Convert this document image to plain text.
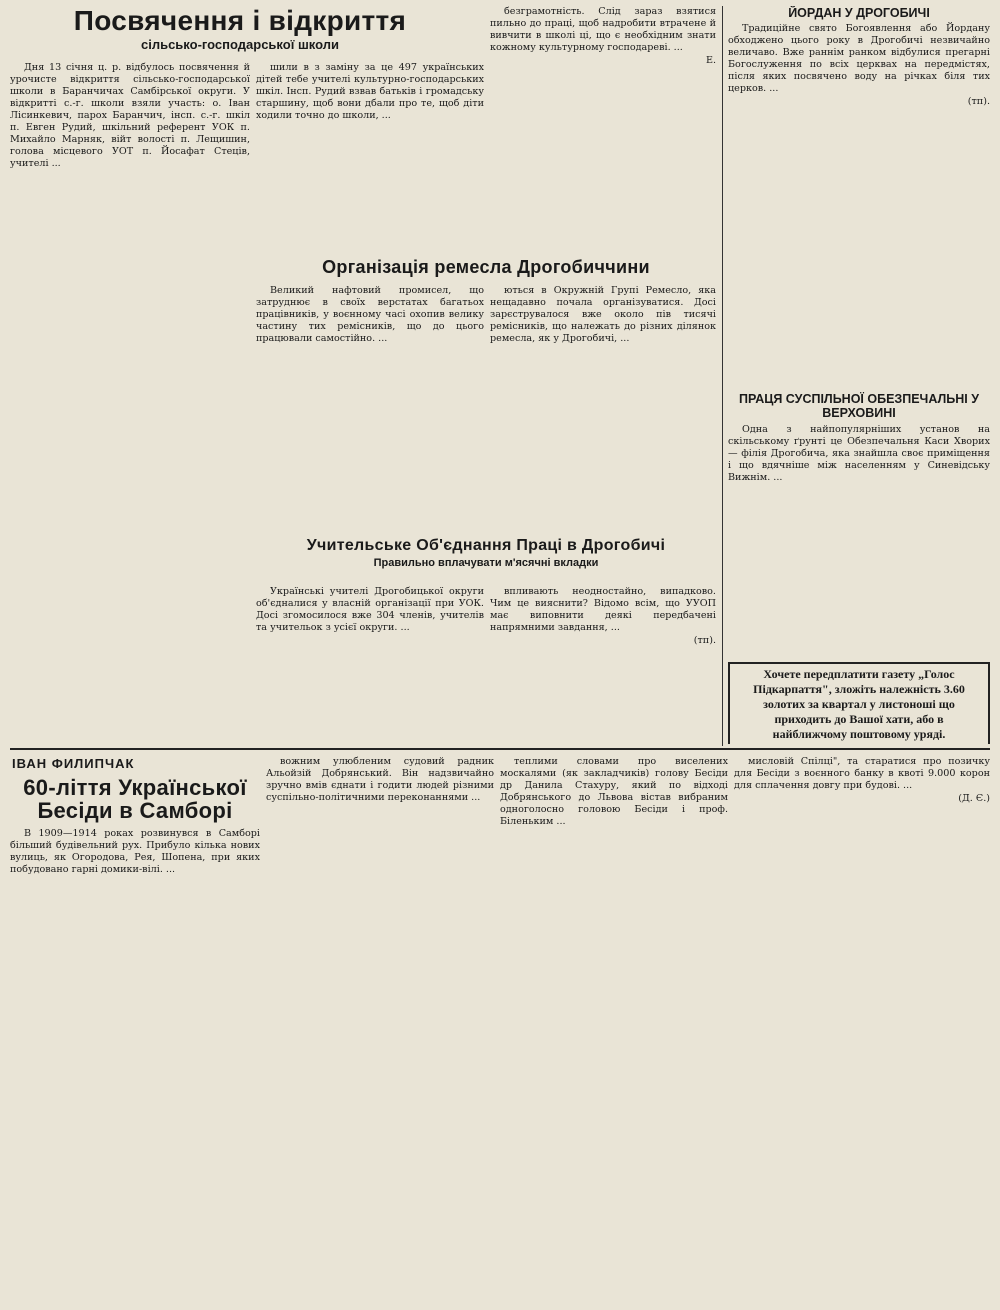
Посвячення і відкриття
сільсько-господарської школи

Дня 13 січня ц. р. відбулось посвячення й урочисте відкриття сільсько-господарської школи в Баранчичах Самбірської округи. У відкритті с.-г. школи взяли участь: о. Іван Лісинкевич, парох Баранчич, інсп. с.-г. шкіл п. Евген Рудий, шкільний референт УОК п. Михайло Марняк, війт волості п. Лещишин, голова місцевого УОТ п. Йосафат Стеців, учителі ...

шили в з заміну за це 497 українських дітей тебе учителі культурно-господарських шкіл. Інсп. Рудий взвав батьків і громадську старшину, щоб вони дбали про те, щоб діти ходили точно до школи, ...

безграмотність. Слід зараз взятися пильно до праці, щоб надробити втрачене й вивчити в школі ці, що є необхідним знати кожному культурному господареві. ...

Е.
Організація ремесла Дрогобиччини

Великий нафтовий промисел, що затруднює в своїх верстатах багатьох працівників, у воєнному часі охопив велику частину тих ремісників, що до цього працювали самостійно. ...

ються в Окружній Групі Ремесло, яка нещадавно почала організуватися. Досі зарєструвалося вже около пів тисячі ремісників, що належать до різних ділянок ремесла, як у Дрогобичі, ...

Учительське Об'єднання Праці в Дрогобичі
Правильно вплачувати м'ясячні вкладки

Українські учителі Дрогобицької округи об'єдналися у власній організації при УОК. Досі згомосилося вже 304 членів, учителів та учительок з усієї округи. ...

впливають неодностайно, випадково. Чим це вияснити? Відомо всім, що УУОП має виповнити деякі передбачені напрямними завдання, ...

(тп).
ЙОРДАН У ДРОГОБИЧІ

Традиційне свято Богоявлення або Йордану обходжено цього року в Дрогобичі незвичайно величаво. Вже раннім ранком відбулися прегарні Богослуження по всіх церквах на передмістях, після яких посвячено воду на річках біля тих церков. ...

(тп).
ПРАЦЯ СУСПІЛЬНОЇ ОБЕЗПЕЧАЛЬНІ У ВЕРХОВИНІ

Одна з найпопулярніших установ на скільському ґрунті це Обезпечальня Каси Хворих — філія Дрогобича, яка знайшла своє приміщення і що вдячніше між населенням у Синевідську Вижнім. ...

Хочете передплатити газету „Голос Підкарпаття", зложіть належність 3.60 золотих за квартал у листоноші що приходить до Вашої хати, або в найближчому поштовому уряді.
ІВАН ФИЛИПЧАК
60-ліття Української Бесіди в Самборі

В 1909—1914 роках розвинувся в Самборі більший будівельний рух. Прибуло кілька нових вулиць, як Огородова, Рея, Шопена, при яких побудовано гарні домики-вілі. ...

вожним улюбленим судовий радник Альойзій Добрянський. Він надзвичайно зручно вмів єднати і годити людей різними суспільно-політичними переконаннями ...

теплими словами про виселених москалями (як закладчиків) голову Бесіди др Данила Стахуру, який по відході Добрянського до Львова вістав вибраним одноголосно головою Бесіди і проф. Біленьким ...

мисловій Спілці", та старатися про позичку для Бесіди з воєнного банку в квоті 9.000 корон для сплачення довгу при будові. ...

(Д. Є.)
